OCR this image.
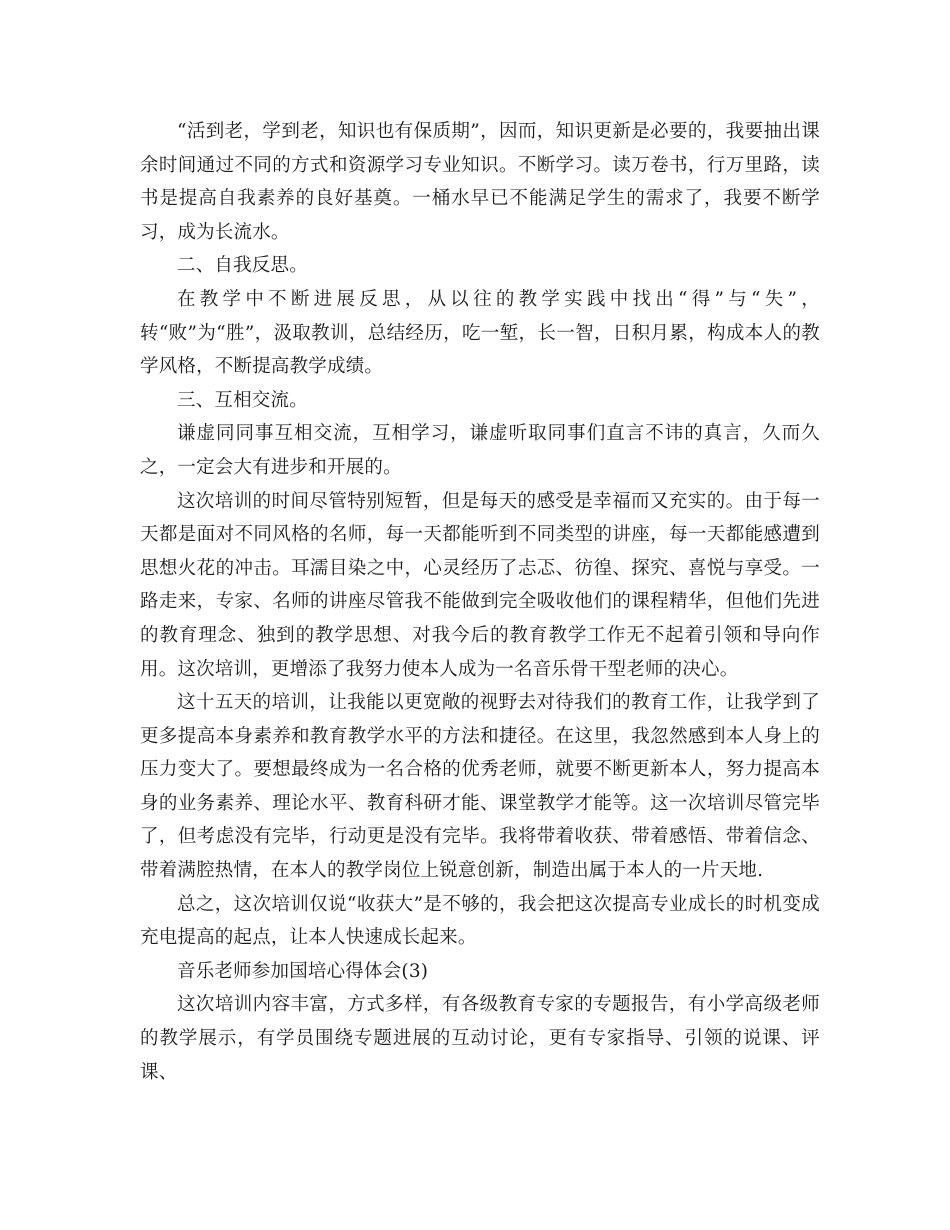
“活到老，学到老，知识也有保质期”，因而，知识更新是必要的，我要抽出课余时间通过不同的方式和资源学习专业知识。不断学习。读万卷书，行万里路，读书是提高自我素养的良好基奠。一桶水早已不能满足学生的需求了，我要不断学习，成为长流水。

二、自我反思。

在教学中不断进展反思，从以往的教学实践中找出“得”与“失”，转“败”为“胜”，汲取教训，总结经历，吃一堑，长一智，日积月累，构成本人的教学风格，不断提高教学成绩。

三、互相交流。

谦虚同同事互相交流，互相学习，谦虚听取同事们直言不讳的真言，久而久之，一定会大有进步和开展的。

这次培训的时间尽管特别短暂，但是每天的感受是幸福而又充实的。由于每一天都是面对不同风格的名师，每一天都能听到不同类型的讲座，每一天都能感遭到思想火花的冲击。耳濡目染之中，心灵经历了忐忑、彷徨、探究、喜悦与享受。一路走来，专家、名师的讲座尽管我不能做到完全吸收他们的课程精华，但他们先进的教育理念、独到的教学思想、对我今后的教育教学工作无不起着引领和导向作用。这次培训，更增添了我努力使本人成为一名音乐骨干型老师的决心。

这十五天的培训，让我能以更宽敞的视野去对待我们的教育工作，让我学到了更多提高本身素养和教育教学水平的方法和捷径。在这里，我忽然感到本人身上的压力变大了。要想最终成为一名合格的优秀老师，就要不断更新本人，努力提高本身的业务素养、理论水平、教育科研才能、课堂教学才能等。这一次培训尽管完毕了，但考虑没有完毕，行动更是没有完毕。我将带着收获、带着感悟、带着信念、带着满腔热情，在本人的教学岗位上锐意创新，制造出属于本人的一片天地.

总之，这次培训仅说“收获大”是不够的，我会把这次提高专业成长的时机变成充电提高的起点，让本人快速成长起来。

音乐老师参加国培心得体会(3)

这次培训内容丰富，方式多样，有各级教育专家的专题报告，有小学高级老师的教学展示，有学员围绕专题进展的互动讨论，更有专家指导、引领的说课、评课、
